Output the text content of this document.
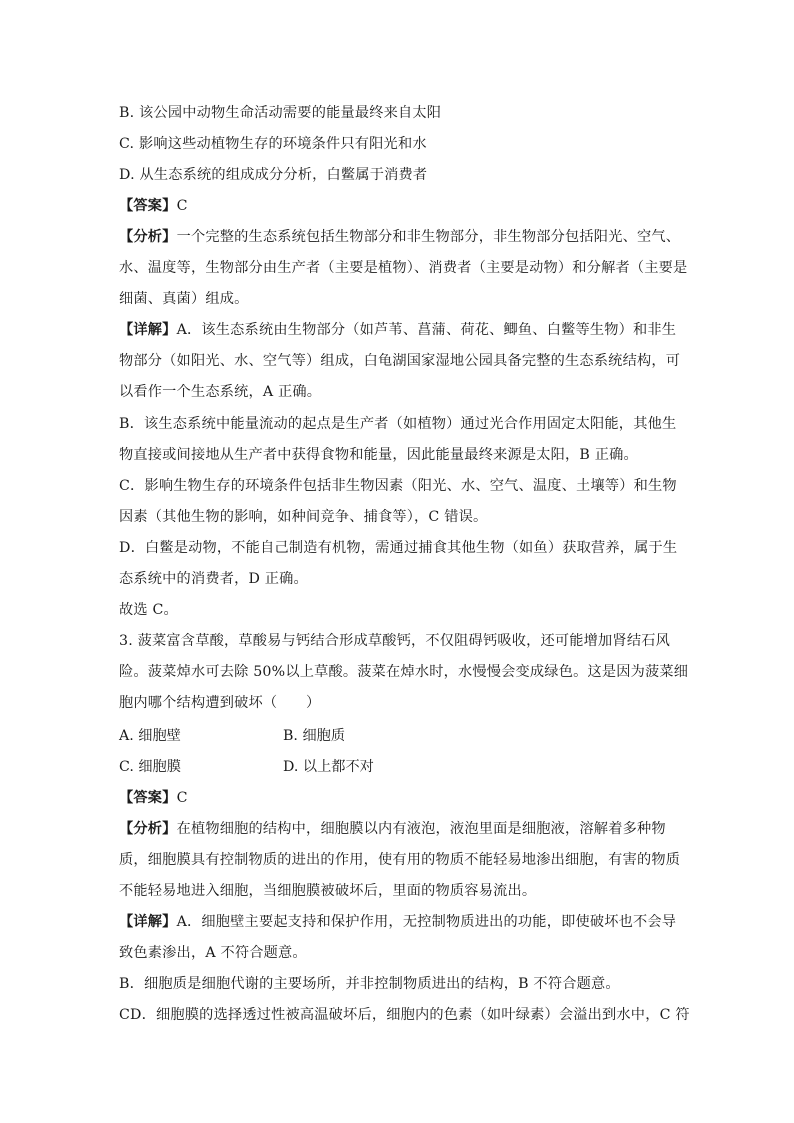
B. 该公园中动物生命活动需要的能量最终来自太阳
C. 影响这些动植物生存的环境条件只有阳光和水
D. 从生态系统的组成成分分析，白鳖属于消费者
【答案】C
【分析】一个完整的生态系统包括生物部分和非生物部分，非生物部分包括阳光、空气、
水、温度等，生物部分由生产者（主要是植物）、消费者（主要是动物）和分解者（主要是
细菌、真菌）组成。
【详解】A．该生态系统由生物部分（如芦苇、菖蒲、荷花、鲫鱼、白鳖等生物）和非生
物部分（如阳光、水、空气等）组成，白龟湖国家湿地公园具备完整的生态系统结构，可
以看作一个生态系统，A 正确。
B．该生态系统中能量流动的起点是生产者（如植物）通过光合作用固定太阳能，其他生
物直接或间接地从生产者中获得食物和能量，因此能量最终来源是太阳，B 正确。
C．影响生物生存的环境条件包括非生物因素（阳光、水、空气、温度、土壤等）和生物
因素（其他生物的影响，如种间竞争、捕食等），C 错误。
D．白鳖是动物，不能自己制造有机物，需通过捕食其他生物（如鱼）获取营养，属于生
态系统中的消费者，D 正确。
故选 C。
3. 菠菜富含草酸，草酸易与钙结合形成草酸钙，不仅阻碍钙吸收，还可能增加肾结石风
险。菠菜焯水可去除 50%以上草酸。菠菜在焯水时，水慢慢会变成绿色。这是因为菠菜细
胞内哪个结构遭到破坏（　　）
A. 细胞壁	B. 细胞质
C. 细胞膜	D. 以上都不对
【答案】C
【分析】在植物细胞的结构中，细胞膜以内有液泡，液泡里面是细胞液，溶解着多种物
质，细胞膜具有控制物质的进出的作用，使有用的物质不能轻易地渗出细胞，有害的物质
不能轻易地进入细胞，当细胞膜被破坏后，里面的物质容易流出。
【详解】A．细胞壁主要起支持和保护作用，无控制物质进出的功能，即使破坏也不会导
致色素渗出，A 不符合题意。
B．细胞质是细胞代谢的主要场所，并非控制物质进出的结构，B 不符合题意。
CD．细胞膜的选择透过性被高温破坏后，细胞内的色素（如叶绿素）会溢出到水中，C 符
